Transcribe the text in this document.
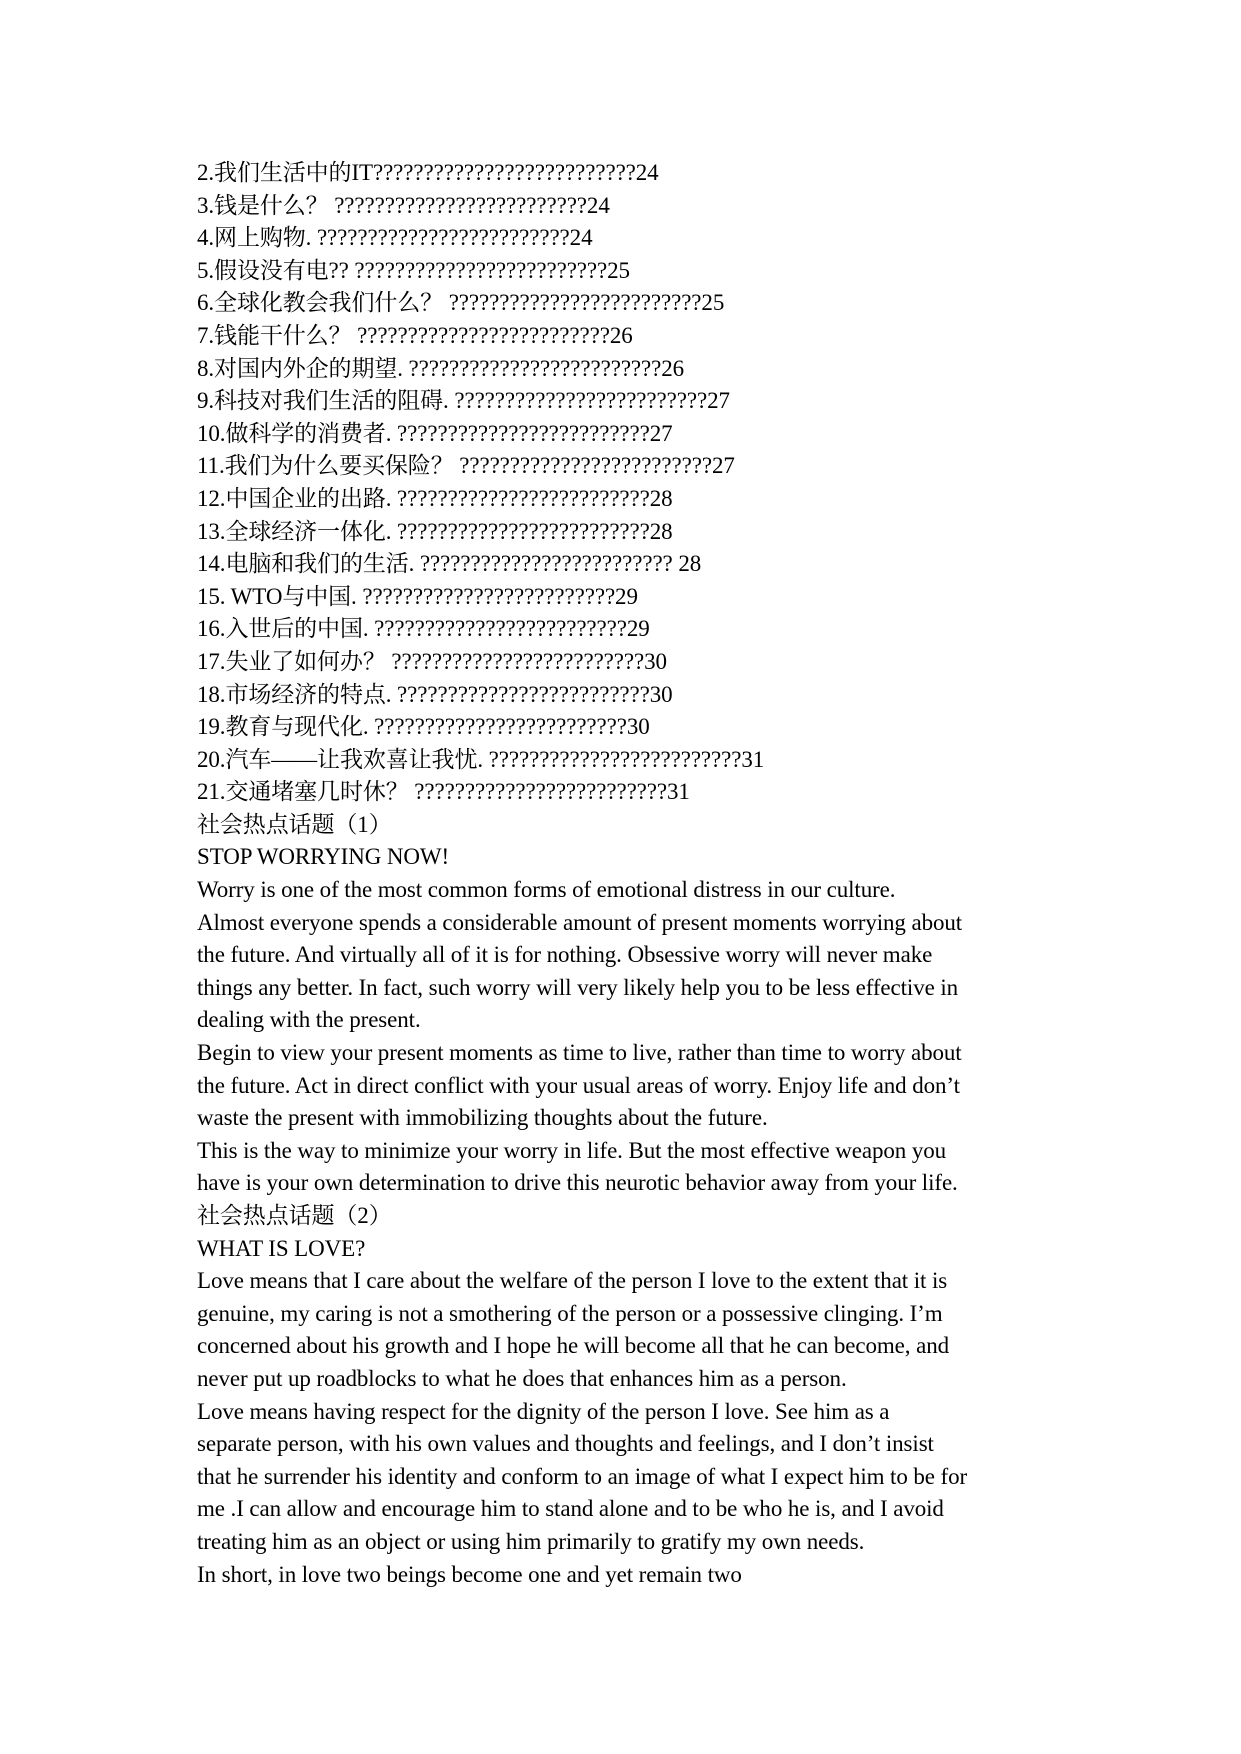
2.我们生活中的IT??????????????????????????24
3.钱是什么？ ?????????????????????????24
4.网上购物. ?????????????????????????24
5.假设没有电?? ?????????????????????????25
6.全球化教会我们什么？ ?????????????????????????25
7.钱能干什么？ ?????????????????????????26
8.对国内外企的期望. ?????????????????????????26
9.科技对我们生活的阻碍. ?????????????????????????27
10.做科学的消费者. ?????????????????????????27
11.我们为什么要买保险？ ?????????????????????????27
12.中国企业的出路. ?????????????????????????28
13.全球经济一体化. ?????????????????????????28
14.电脑和我们的生活. ????????????????????????? 28
15. WTO与中国. ?????????????????????????29
16.入世后的中国. ?????????????????????????29
17.失业了如何办？ ?????????????????????????30
18.市场经济的特点. ?????????????????????????30
19.教育与现代化. ?????????????????????????30
20.汽车——让我欢喜让我忧. ?????????????????????????31
21.交通堵塞几时休？ ?????????????????????????31
社会热点话题（1）
STOP WORRYING NOW!
Worry is one of the most common forms of emotional distress in our culture.
Almost everyone spends a considerable amount of present moments worrying about
the future. And virtually all of it is for nothing. Obsessive worry will never make
things any better. In fact, such worry will very likely help you to be less effective in
dealing with the present.
Begin to view your present moments as time to live, rather than time to worry about
the future. Act in direct conflict with your usual areas of worry. Enjoy life and don’t
waste the present with immobilizing thoughts about the future.
This is the way to minimize your worry in life. But the most effective weapon you
have is your own determination to drive this neurotic behavior away from your life.
社会热点话题（2）
WHAT IS LOVE?
Love means that I care about the welfare of the person I love to the extent that it is
genuine, my caring is not a smothering of the person or a possessive clinging. I’m
concerned about his growth and I hope he will become all that he can become, and
never put up roadblocks to what he does that enhances him as a person.
Love means having respect for the dignity of the person I love. See him as a
separate person, with his own values and thoughts and feelings, and I don’t insist
that he surrender his identity and conform to an image of what I expect him to be for
me .I can allow and encourage him to stand alone and to be who he is, and I avoid
treating him as an object or using him primarily to gratify my own needs.
In short, in love two beings become one and yet remain two
